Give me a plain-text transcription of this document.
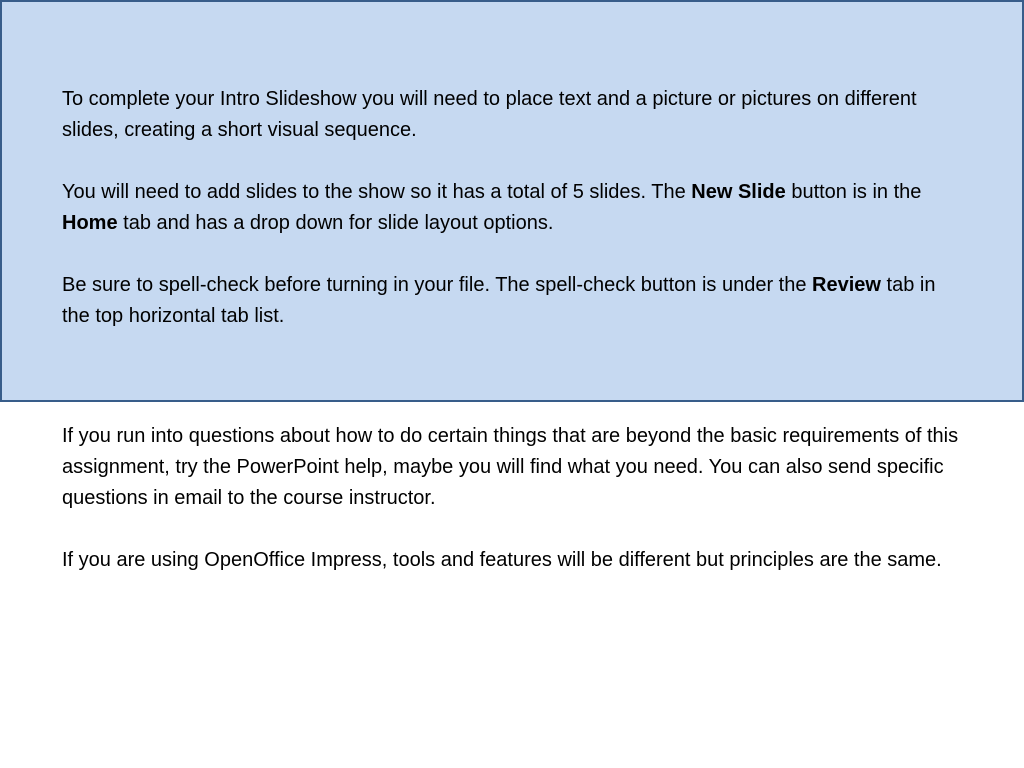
To complete your Intro Slideshow you will need to place text and a picture or pictures on different slides, creating a short visual sequence.

You will need to add slides to the show so it has a total of 5 slides. The New Slide button is in the Home tab and has a drop down for slide layout options.

Be sure to spell-check before turning in your file. The spell-check button is under the Review tab in the top horizontal tab list.

If you run into questions about how to do certain things that are beyond the basic requirements of this assignment, try the PowerPoint help, maybe you will find what you need. You can also send specific questions in email to the course instructor.

If you are using OpenOffice Impress, tools and features will be different but principles are the same.
